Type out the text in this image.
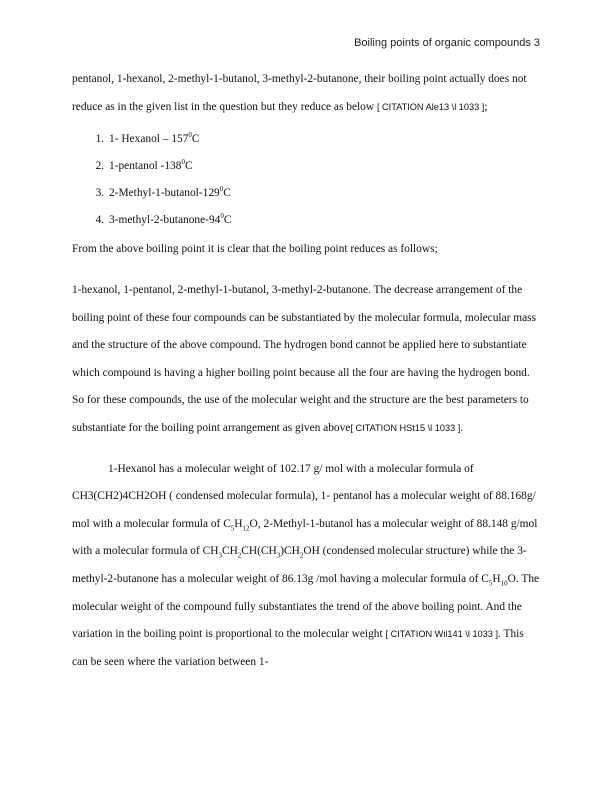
Boiling points of organic compounds 3

pentanol, 1-hexanol, 2-methyl-1-butanol, 3-methyl-2-butanone, their boiling point actually does not reduce as in the given list in the question but they reduce as below [ CITATION Ale13 \l 1033 ];

1. 1- Hexanol – $157^0C$
2. 1-pentanol $-138^0C$
3. $2-Methyl-1-butanol-129^0C$
4. $3-methyl-2-butanone-94^0C$

From the above boiling point it is clear that the boiling point reduces as follows;

1-hexanol, 1-pentanol, 2-methyl-1-butanol, 3-methyl-2-butanone. The decrease arrangement of the boiling point of these four compounds can be substantiated by the molecular formula, molecular mass and the structure of the above compound. The hydrogen bond cannot be applied here to substantiate which compound is having a higher boiling point because all the four are having the hydrogen bond. So for these compounds, the use of the molecular weight and the structure are the best parameters to substantiate for the boiling point arrangement as given above[ CITATION HSt15 \l 1033 ].

1-Hexanol has a molecular weight of 102.17 g/ mol with a molecular formula of CH3(CH2)4CH2OH ( condensed molecular formula), 1- pentanol has a molecular weight of 88.168g/ mol with a molecular formula of $C_5H_{12}O$, 2-Methyl-1-butanol has a molecular weight of 88.148 g/mol with a molecular formula of $CH_3CH_2CH(CH_3)CH_2OH$ (condensed molecular structure) while the 3-methyl-2-butanone has a molecular weight of 86.13g /mol having a molecular formula of $C_5H_{10}O$. The molecular weight of the compound fully substantiates the trend of the above boiling point. And the variation in the boiling point is proportional to the molecular weight [ CITATION Wil141 \l 1033 ]. This can be seen where the variation between 1-
